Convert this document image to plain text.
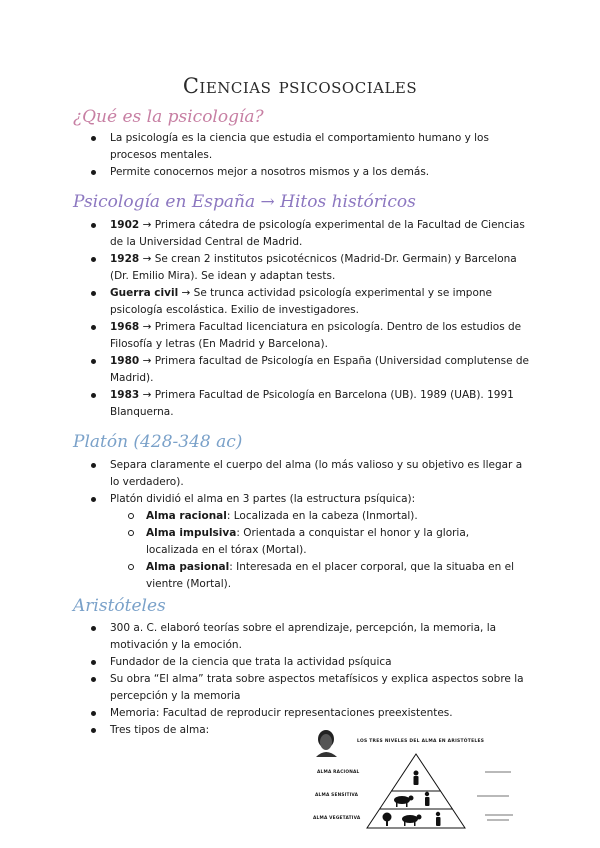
Ciencias psicosociales
¿Qué es la psicología?
La psicología es la ciencia que estudia el comportamiento humano y los procesos mentales.
Permite conocernos mejor a nosotros mismos y a los demás.
Psicología en España → Hitos históricos
1902 → Primera cátedra de psicología experimental de la Facultad de Ciencias de la Universidad Central de Madrid.
1928 → Se crean 2 institutos psicotécnicos (Madrid-Dr. Germain) y Barcelona (Dr. Emilio Mira). Se idean y adaptan tests.
Guerra civil → Se trunca actividad psicología experimental y se impone psicología escolástica. Exilio de investigadores.
1968 → Primera Facultad licenciatura en psicología. Dentro de los estudios de Filosofía y letras (En Madrid y Barcelona).
1980 → Primera facultad de Psicología en España (Universidad complutense de Madrid).
1983 → Primera Facultad de Psicología en Barcelona (UB). 1989 (UAB). 1991 Blanquerna.
Platón (428-348 ac)
Separa claramente el cuerpo del alma (lo más valioso y su objetivo es llegar a lo verdadero).
Platón dividió el alma en 3 partes (la estructura psíquica):
Alma racional: Localizada en la cabeza (Inmortal).
Alma impulsiva: Orientada a conquistar el honor y la gloria, localizada en el tórax (Mortal).
Alma pasional: Interesada en el placer corporal, que la situaba en el vientre (Mortal).
Aristóteles
300 a. C. elaboró teorías sobre el aprendizaje, percepción, la memoria, la motivación y la emoción.
Fundador de la ciencia que trata la actividad psíquica
Su obra “El alma” trata sobre aspectos metafísicos y explica aspectos sobre la percepción y la memoria
Memoria: Facultad de reproducir representaciones preexistentes.
Tres tipos de alma:
LOS TRES NIVELES DEL ALMA EN ARISTÓTELES
ALMA RACIONAL
ALMA SENSITIVA
ALMA VEGETATIVA
